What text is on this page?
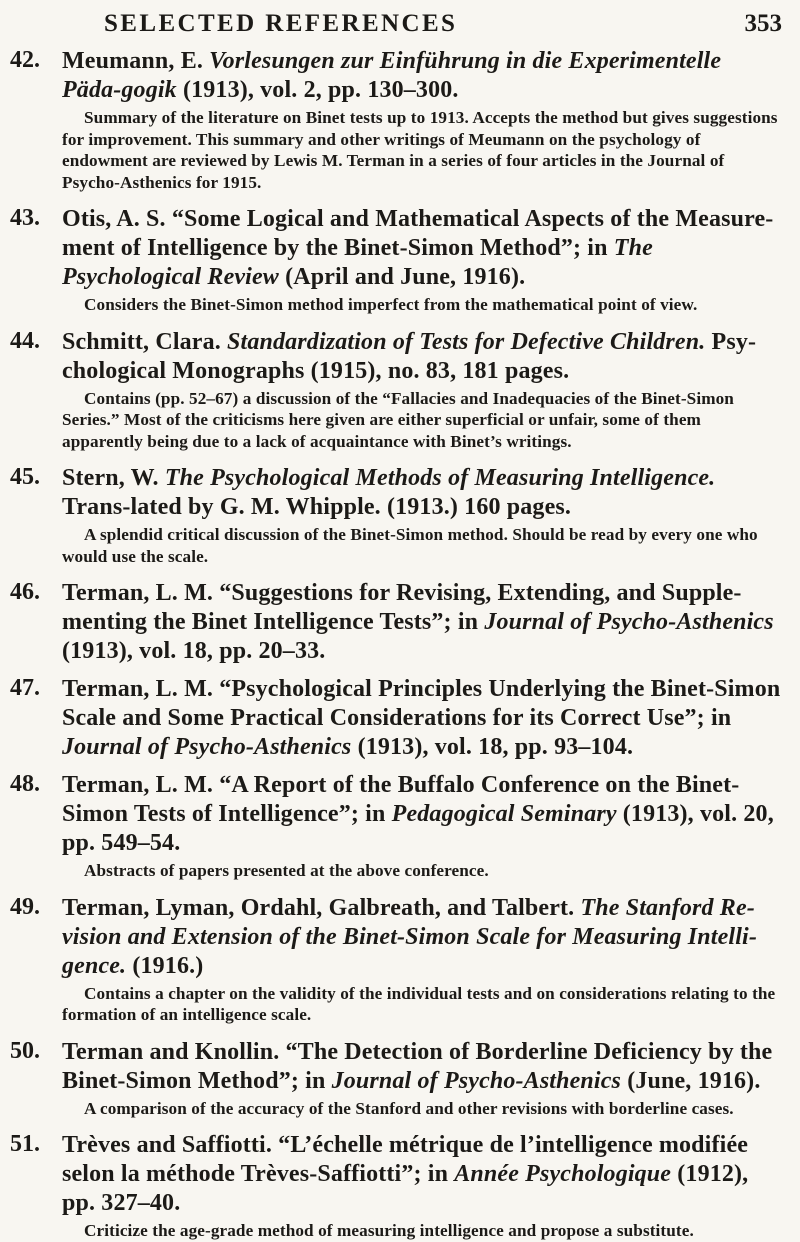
SELECTED REFERENCES	353
42. Meumann, E. Vorlesungen zur Einführung in die Experimentelle Päda-gogik (1913), vol. 2, pp. 130–300.

Summary of the literature on Binet tests up to 1913. Accepts the method but gives suggestions for improvement. This summary and other writings of Meumann on the psychology of endowment are reviewed by Lewis M. Terman in a series of four articles in the Journal of Psycho-Asthenics for 1915.

43. Otis, A. S. “Some Logical and Mathematical Aspects of the Measure-ment of Intelligence by the Binet-Simon Method”; in The Psychological Review (April and June, 1916).

Considers the Binet-Simon method imperfect from the mathematical point of view.

44. Schmitt, Clara. Standardization of Tests for Defective Children. Psy-chological Monographs (1915), no. 83, 181 pages.

Contains (pp. 52–67) a discussion of the “Fallacies and Inadequacies of the Binet-Simon Series.” Most of the criticisms here given are either superficial or unfair, some of them apparently being due to a lack of acquaintance with Binet’s writings.

45. Stern, W. The Psychological Methods of Measuring Intelligence. Trans-lated by G. M. Whipple. (1913.) 160 pages.

A splendid critical discussion of the Binet-Simon method. Should be read by every one who would use the scale.

46. Terman, L. M. “Suggestions for Revising, Extending, and Supple-menting the Binet Intelligence Tests”; in Journal of Psycho-Asthenics (1913), vol. 18, pp. 20–33.

47. Terman, L. M. “Psychological Principles Underlying the Binet-Simon Scale and Some Practical Considerations for its Correct Use”; in Journal of Psycho-Asthenics (1913), vol. 18, pp. 93–104.

48. Terman, L. M. “A Report of the Buffalo Conference on the Binet-Simon Tests of Intelligence”; in Pedagogical Seminary (1913), vol. 20, pp. 549–54.

Abstracts of papers presented at the above conference.

49. Terman, Lyman, Ordahl, Galbreath, and Talbert. The Stanford Re-vision and Extension of the Binet-Simon Scale for Measuring Intelli-gence. (1916.)

Contains a chapter on the validity of the individual tests and on considerations relating to the formation of an intelligence scale.

50. Terman and Knollin. “The Detection of Borderline Deficiency by the Binet-Simon Method”; in Journal of Psycho-Asthenics (June, 1916).

A comparison of the accuracy of the Stanford and other revisions with borderline cases.

51. Trèves and Saffiotti. “L’échelle métrique de l’intelligence modifiée selon la méthode Trèves-Saffiotti”; in Année Psychologique (1912), pp. 327–40.

Criticize the age-grade method of measuring intelligence and propose a substitute.
